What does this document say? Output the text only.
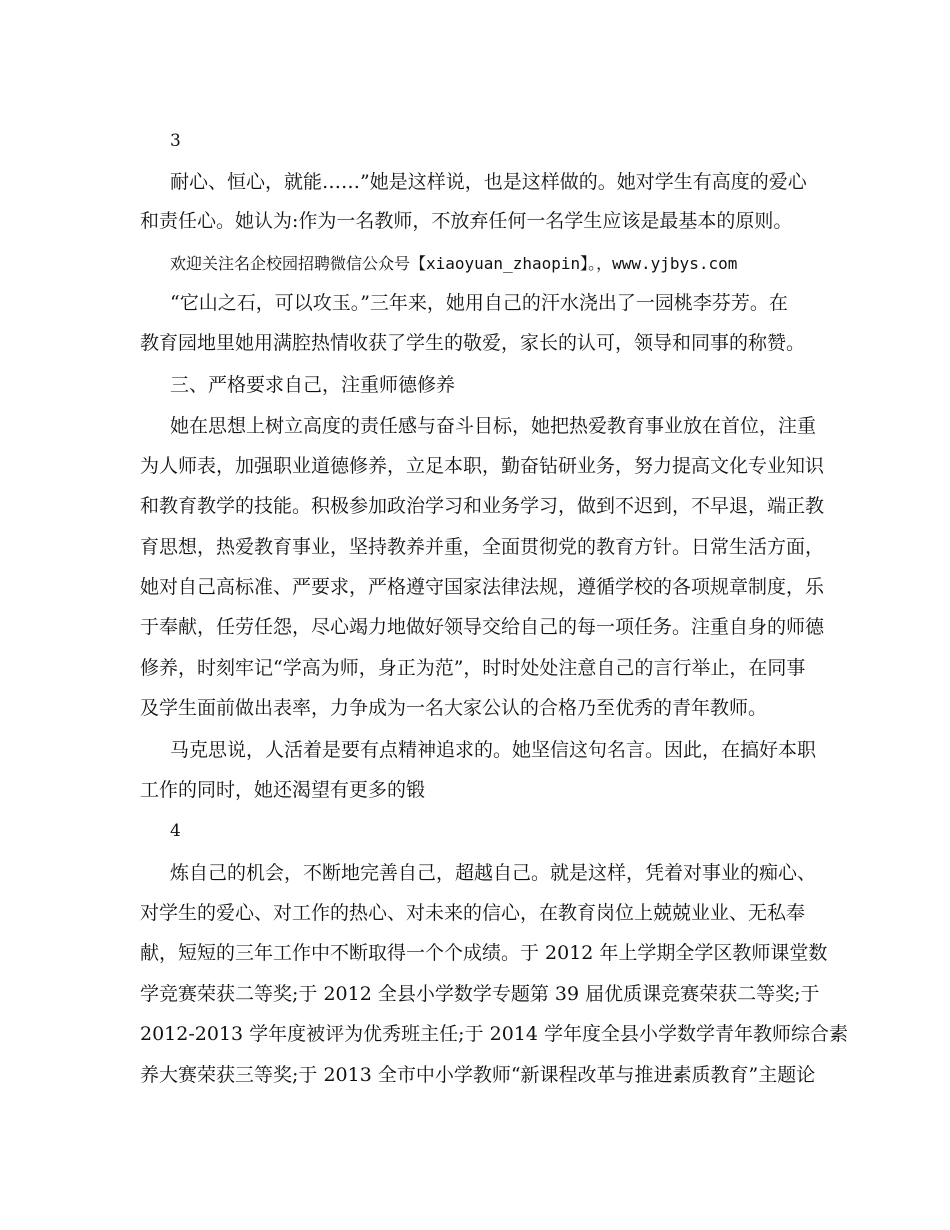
3
耐心、恒心，就能……”她是这样说，也是这样做的。她对学生有高度的爱心
和责任心。她认为:作为一名教师，不放弃任何一名学生应该是最基本的原则。
欢迎关注名企校园招聘微信公众号【xiaoyuan_zhaopin】。，www.yjbys.com
“它山之石，可以攻玉。”三年来，她用自己的汗水浇出了一园桃李芬芳。在
教育园地里她用满腔热情收获了学生的敬爱，家长的认可，领导和同事的称赞。
三、严格要求自己，注重师德修养
她在思想上树立高度的责任感与奋斗目标，她把热爱教育事业放在首位，注重
为人师表，加强职业道德修养，立足本职，勤奋钻研业务，努力提高文化专业知识
和教育教学的技能。积极参加政治学习和业务学习，做到不迟到，不早退，端正教
育思想，热爱教育事业，坚持教养并重，全面贯彻党的教育方针。日常生活方面，
她对自己高标准、严要求，严格遵守国家法律法规，遵循学校的各项规章制度，乐
于奉献，任劳任怨，尽心竭力地做好领导交给自己的每一项任务。注重自身的师德
修养，时刻牢记“学高为师，身正为范”，时时处处注意自己的言行举止，在同事
及学生面前做出表率，力争成为一名大家公认的合格乃至优秀的青年教师。
马克思说，人活着是要有点精神追求的。她坚信这句名言。因此，在搞好本职
工作的同时，她还渴望有更多的锻
4
炼自己的机会，不断地完善自己，超越自己。就是这样，凭着对事业的痴心、
对学生的爱心、对工作的热心、对未来的信心，在教育岗位上兢兢业业、无私奉
献，短短的三年工作中不断取得一个个成绩。于 2012 年上学期全学区教师课堂数
学竞赛荣获二等奖;于 2012 全县小学数学专题第 39 届优质课竞赛荣获二等奖;于
2012-2013 学年度被评为优秀班主任;于 2014 学年度全县小学数学青年教师综合素
养大赛荣获三等奖;于 2013 全市中小学教师“新课程改革与推进素质教育”主题论
